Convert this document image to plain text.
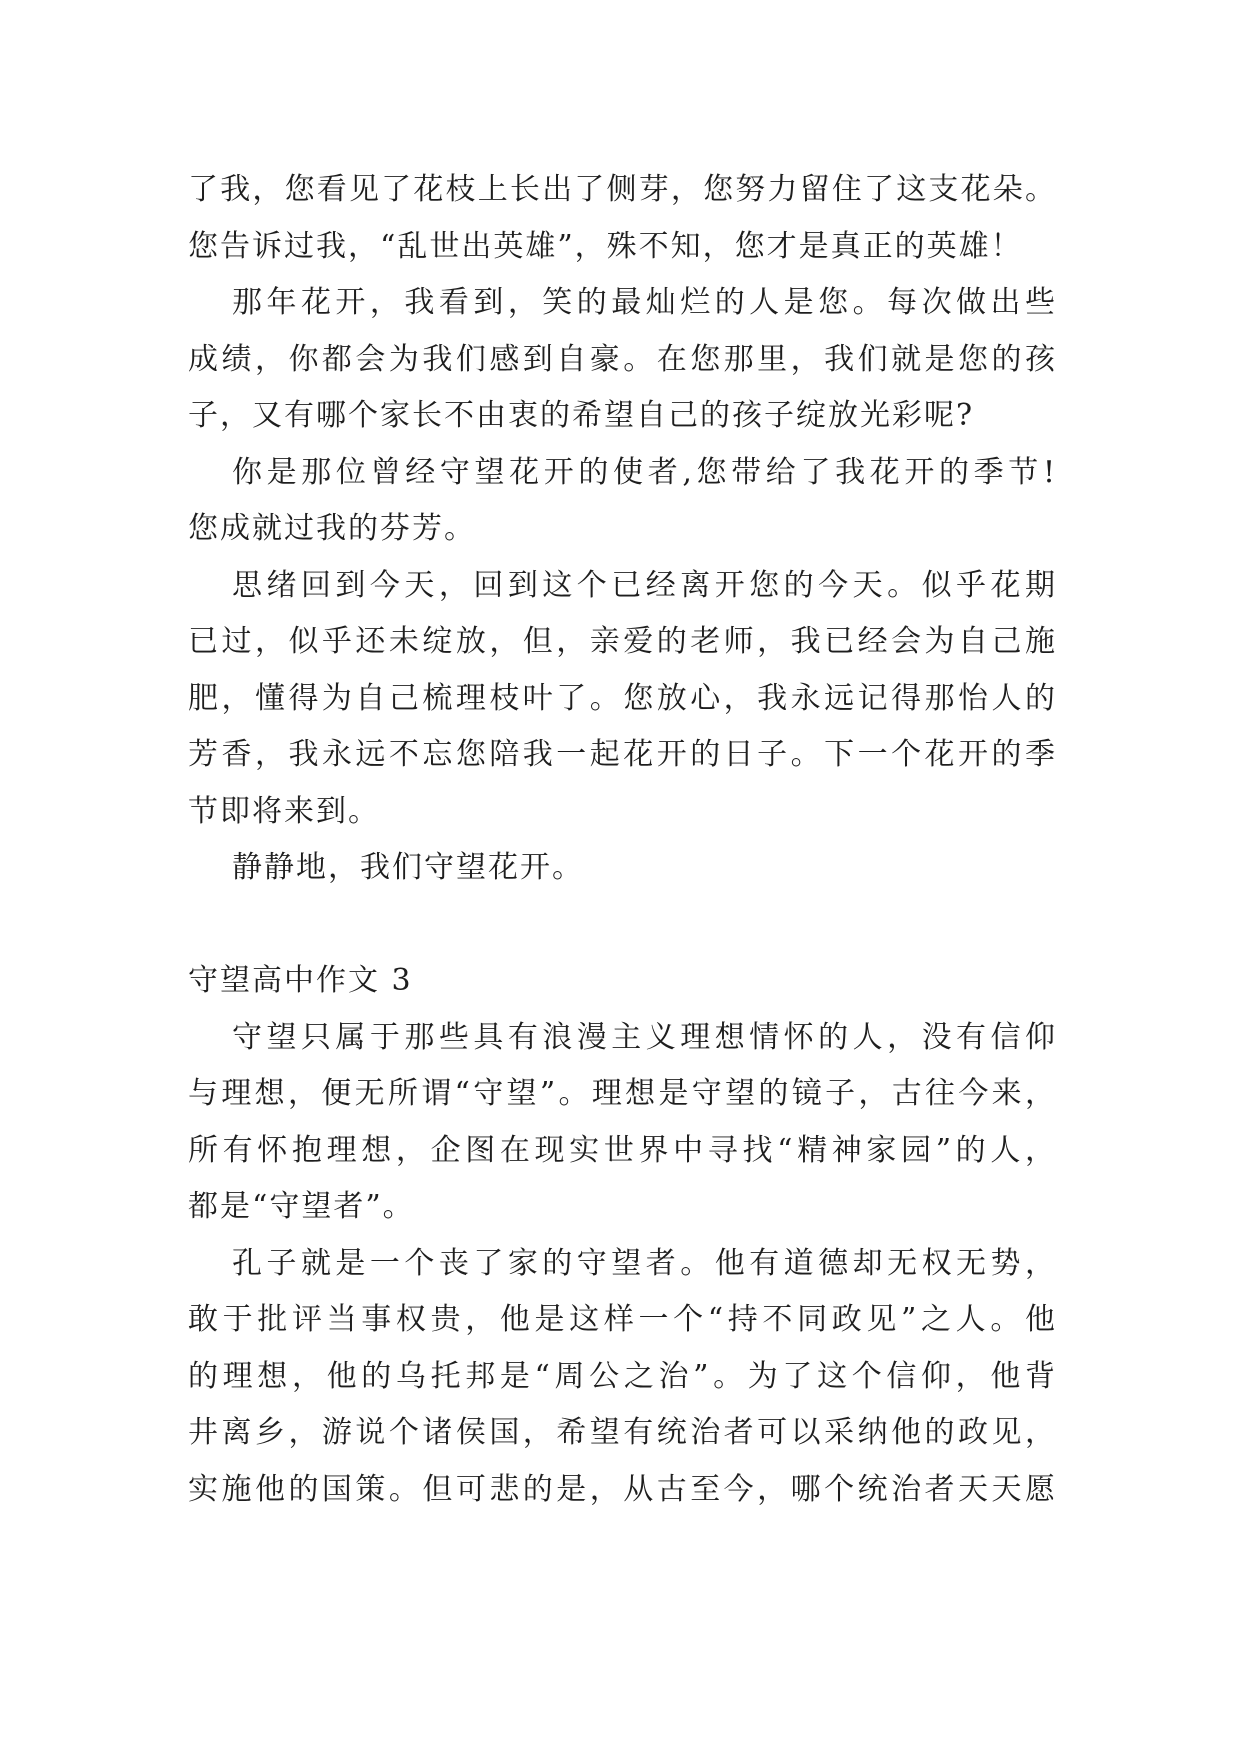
了我，您看见了花枝上长出了侧芽，您努力留住了这支花朵。
您告诉过我，“乱世出英雄”，殊不知，您才是真正的英雄！
那年花开，我看到，笑的最灿烂的人是您。每次做出些
成绩，你都会为我们感到自豪。在您那里，我们就是您的孩
子，又有哪个家长不由衷的希望自己的孩子绽放光彩呢?
你是那位曾经守望花开的使者,您带给了我花开的季节!
您成就过我的芬芳。
思绪回到今天，回到这个已经离开您的今天。似乎花期
已过，似乎还未绽放，但，亲爱的老师，我已经会为自己施
肥，懂得为自己梳理枝叶了。您放心，我永远记得那怡人的
芳香，我永远不忘您陪我一起花开的日子。下一个花开的季
节即将来到。
静静地，我们守望花开。
守望高中作文 3
守望只属于那些具有浪漫主义理想情怀的人，没有信仰
与理想，便无所谓“守望”。理想是守望的镜子，古往今来，
所有怀抱理想，企图在现实世界中寻找“精神家园”的人，
都是“守望者”。
孔子就是一个丧了家的守望者。他有道德却无权无势，
敢于批评当事权贵，他是这样一个“持不同政见”之人。他
的理想，他的乌托邦是“周公之治”。为了这个信仰，他背
井离乡，游说个诸侯国，希望有统治者可以采纳他的政见，
实施他的国策。但可悲的是，从古至今，哪个统治者天天愿
